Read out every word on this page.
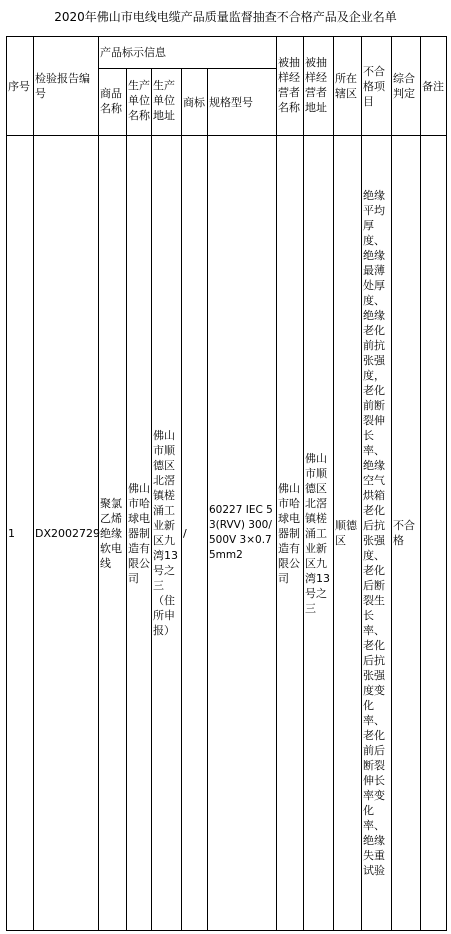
2020年佛山市电线电缆产品质量监督抽查不合格产品及企业名单
序号
检验报告编号
产品标示信息
商品名称
生产单位名称
生产单位地址
商标 规格型号
被抽样经营者名称
被抽样经营者地址
所在辖区
不合格项目
综合判定
备注
1 DX2002729
聚氯乙烯绝缘软电线
佛山市哈球电器制造有限公司
佛山市顺德区北滘镇槎涌工业新区九湾13号之三（住所申报）
/
60227 IEC 53(RVV) 300/500V 3×0.75mm2
佛山市哈球电器制造有限公司
佛山市顺德区北滘镇槎涌工业新区九湾13号之三
顺德区
绝缘平均厚度、绝缘最薄处厚度、绝缘老化前抗张强度，老化前断裂伸长率、绝缘空气烘箱老化后抗张强度、老化后断裂生长率、老化后抗张强度变化率、老化前后断裂伸长率变化率、绝缘失重试验
不合格
